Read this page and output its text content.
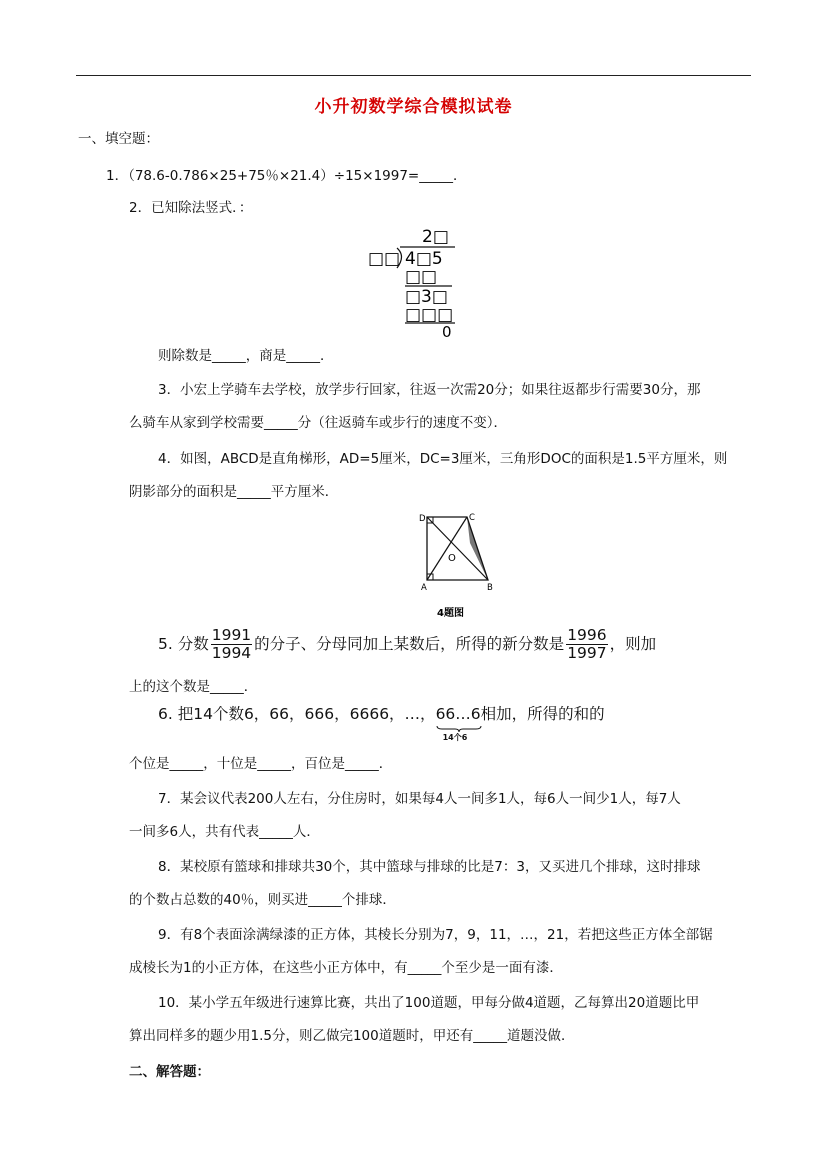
小升初数学综合模拟试卷
一、填空题：
1．（78.6-0.786×25+75％×21.4）÷15×1997=_____．
2．已知除法竖式．：
2□
□□ 4□5
□□
□3□
□□□
0
则除数是_____，商是_____．
3．小宏上学骑车去学校，放学步行回家，往返一次需20分；如果往返都步行需要30分，那
么骑车从家到学校需要_____分（往返骑车或步行的速度不变）．
4．如图，ABCD是直角梯形，AD=5厘米，DC=3厘米，三角形DOC的面积是1.5平方厘米，则
阴影部分的面积是_____平方厘米．
D	C
O
A	B
4题图
5. 分数 $\frac{1991}{1994}$ 的分子、分母同加上某数后，所得的新分数是 $\frac{1996}{1997}$ ，则加
上的这个数是_____．
6. 把14个数6，66，666，6666，…，66…6
14个6
相加，所得的和的
个位是_____，十位是_____，百位是_____．
7．某会议代表200人左右，分住房时，如果每4人一间多1人，每6人一间少1人，每7人
一间多6人，共有代表_____人．
8．某校原有篮球和排球共30个，其中篮球与排球的比是7：3，又买进几个排球，这时排球
的个数占总数的40％，则买进_____个排球．
9．有8个表面涂满绿漆的正方体，其棱长分别为7，9，11，…，21，若把这些正方体全部锯
成棱长为1的小正方体，在这些小正方体中，有_____个至少是一面有漆．
10．某小学五年级进行速算比赛，共出了100道题，甲每分做4道题，乙每算出20道题比甲
算出同样多的题少用1.5分，则乙做完100道题时，甲还有_____道题没做．
二、解答题：
